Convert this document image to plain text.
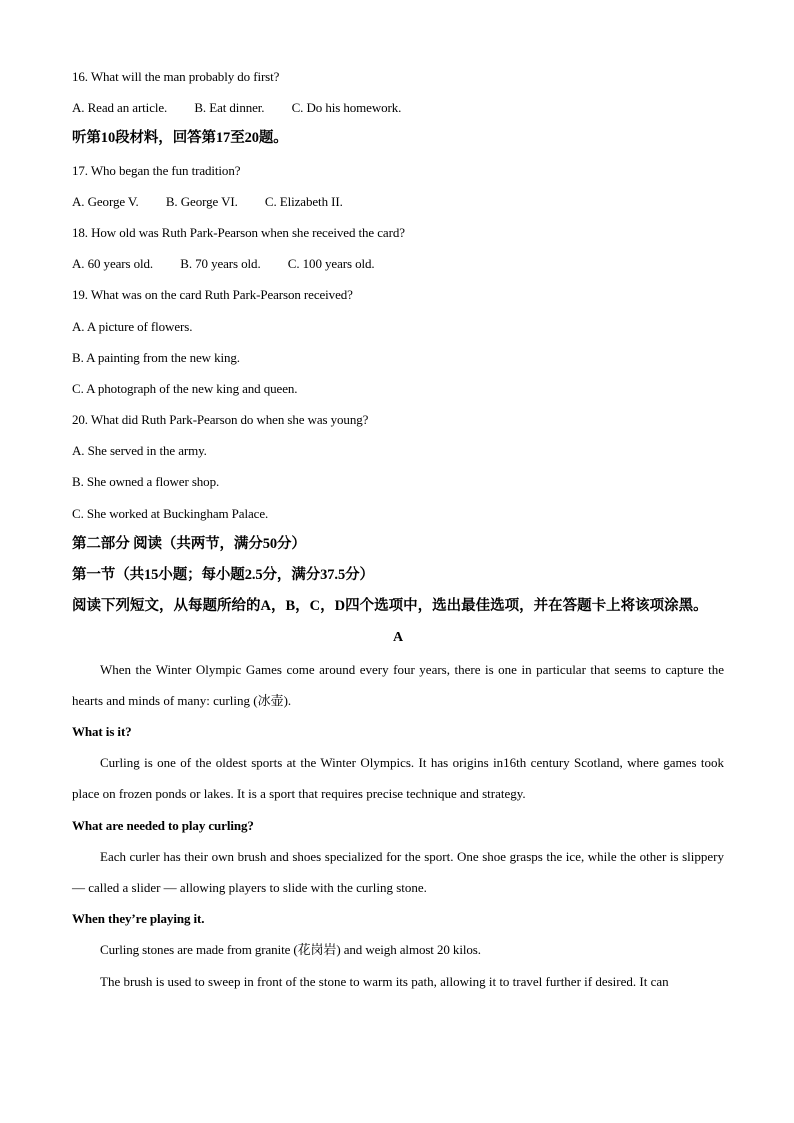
16. What will the man probably do first?
A. Read an article. B. Eat dinner. C. Do his homework.
听第10段材料，回答第17至20题。
17. Who began the fun tradition?
A. George V. B. George VI. C. Elizabeth II.
18. How old was Ruth Park-Pearson when she received the card?
A. 60 years old. B. 70 years old. C. 100 years old.
19. What was on the card Ruth Park-Pearson received?
A. A picture of flowers.
B. A painting from the new king.
C. A photograph of the new king and queen.
20. What did Ruth Park-Pearson do when she was young?
A. She served in the army.
B. She owned a flower shop.
C. She worked at Buckingham Palace.
第二部分 阅读（共两节，满分50分）
第一节（共15小题；每小题2.5分，满分37.5分）
阅读下列短文，从每题所给的A，B，C，D四个选项中，选出最佳选项，并在答题卡上将该项涂黑。
A
When the Winter Olympic Games come around every four years, there is one in particular that seems to capture the hearts and minds of many: curling (冰壶).
What is it?
Curling is one of the oldest sports at the Winter Olympics. It has origins in16th century Scotland, where games took place on frozen ponds or lakes. It is a sport that requires precise technique and strategy.
What are needed to play curling?
Each curler has their own brush and shoes specialized for the sport. One shoe grasps the ice, while the other is slippery — called a slider — allowing players to slide with the curling stone.
When they’re playing it.
Curling stones are made from granite (花岗岩) and weigh almost 20 kilos.
The brush is used to sweep in front of the stone to warm its path, allowing it to travel further if desired. It can
